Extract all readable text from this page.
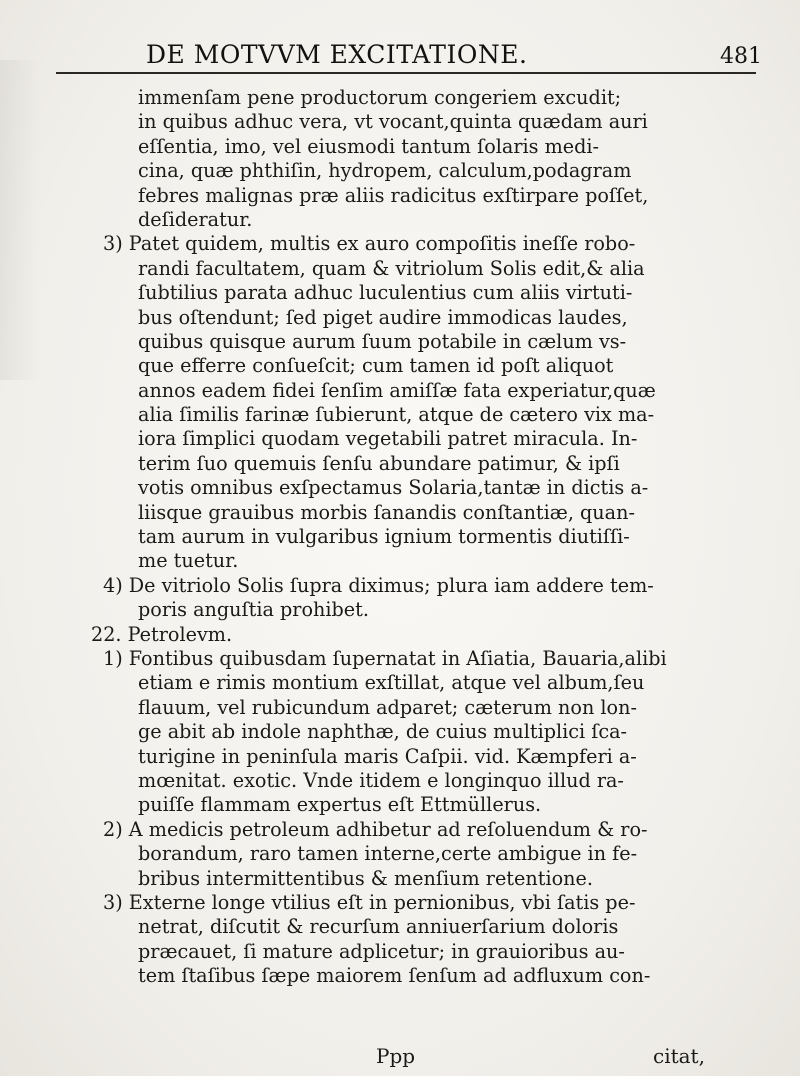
DE MOTVVM EXCITATIONE.	481
immenſam pene productorum congeriem excudit;
in quibus adhuc vera, vt vocant,quinta quædam auri
eſſentia, imo, vel eiusmodi tantum ſolaris medi-
cina, quæ phthiſin, hydropem, calculum,podagram
febres malignas præ aliis radicitus exſtirpare poſſet,
deſideratur.
3) Patet quidem, multis ex auro compoſitis ineſſe robo-
randi facultatem, quam & vitriolum Solis edit,& alia
ſubtilius parata adhuc luculentius cum aliis virtuti-
bus oſtendunt; ſed piget audire immodicas laudes,
quibus quisque aurum ſuum potabile in cælum vs-
que efferre conſueſcit; cum tamen id poſt aliquot
annos eadem fidei ſenſim amiſſæ fata experiatur,quæ
alia ſimilis farinæ ſubierunt, atque de cætero vix ma-
iora ſimplici quodam vegetabili patret miracula. In-
terim ſuo quemuis ſenſu abundare patimur, & ipſi
votis omnibus exſpectamus Solaria,tantæ in dictis a-
liisque grauibus morbis ſanandis conſtantiæ, quan-
tam aurum in vulgaribus ignium tormentis diutiſſi-
me tuetur.
4) De vitriolo Solis ſupra diximus; plura iam addere tem-
poris anguſtia prohibet.
22. Petrolevm.
1) Fontibus quibusdam ſupernatat in Aſiatia, Bauaria,alibi
etiam e rimis montium exſtillat, atque vel album,ſeu
flauum, vel rubicundum adparet; cæterum non lon-
ge abit ab indole naphthæ, de cuius multiplici ſca-
turigine in peninſula maris Caſpii. vid. Kæmpferi a-
mœnitat. exotic. Vnde itidem e longinquo illud ra-
puiſſe flammam expertus eſt Ettmüllerus.
2) A medicis petroleum adhibetur ad reſoluendum & ro-
borandum, raro tamen interne,certe ambigue in fe-
bribus intermittentibus & menſium retentione.
3) Externe longe vtilius eſt in pernionibus, vbi ſatis pe-
netrat, diſcutit & recurſum anniuerſarium doloris
præcauet, ſi mature adplicetur; in grauioribus au-
tem ſtaſibus ſæpe maiorem ſenſum ad adfluxum con-
Ppp	citat,
